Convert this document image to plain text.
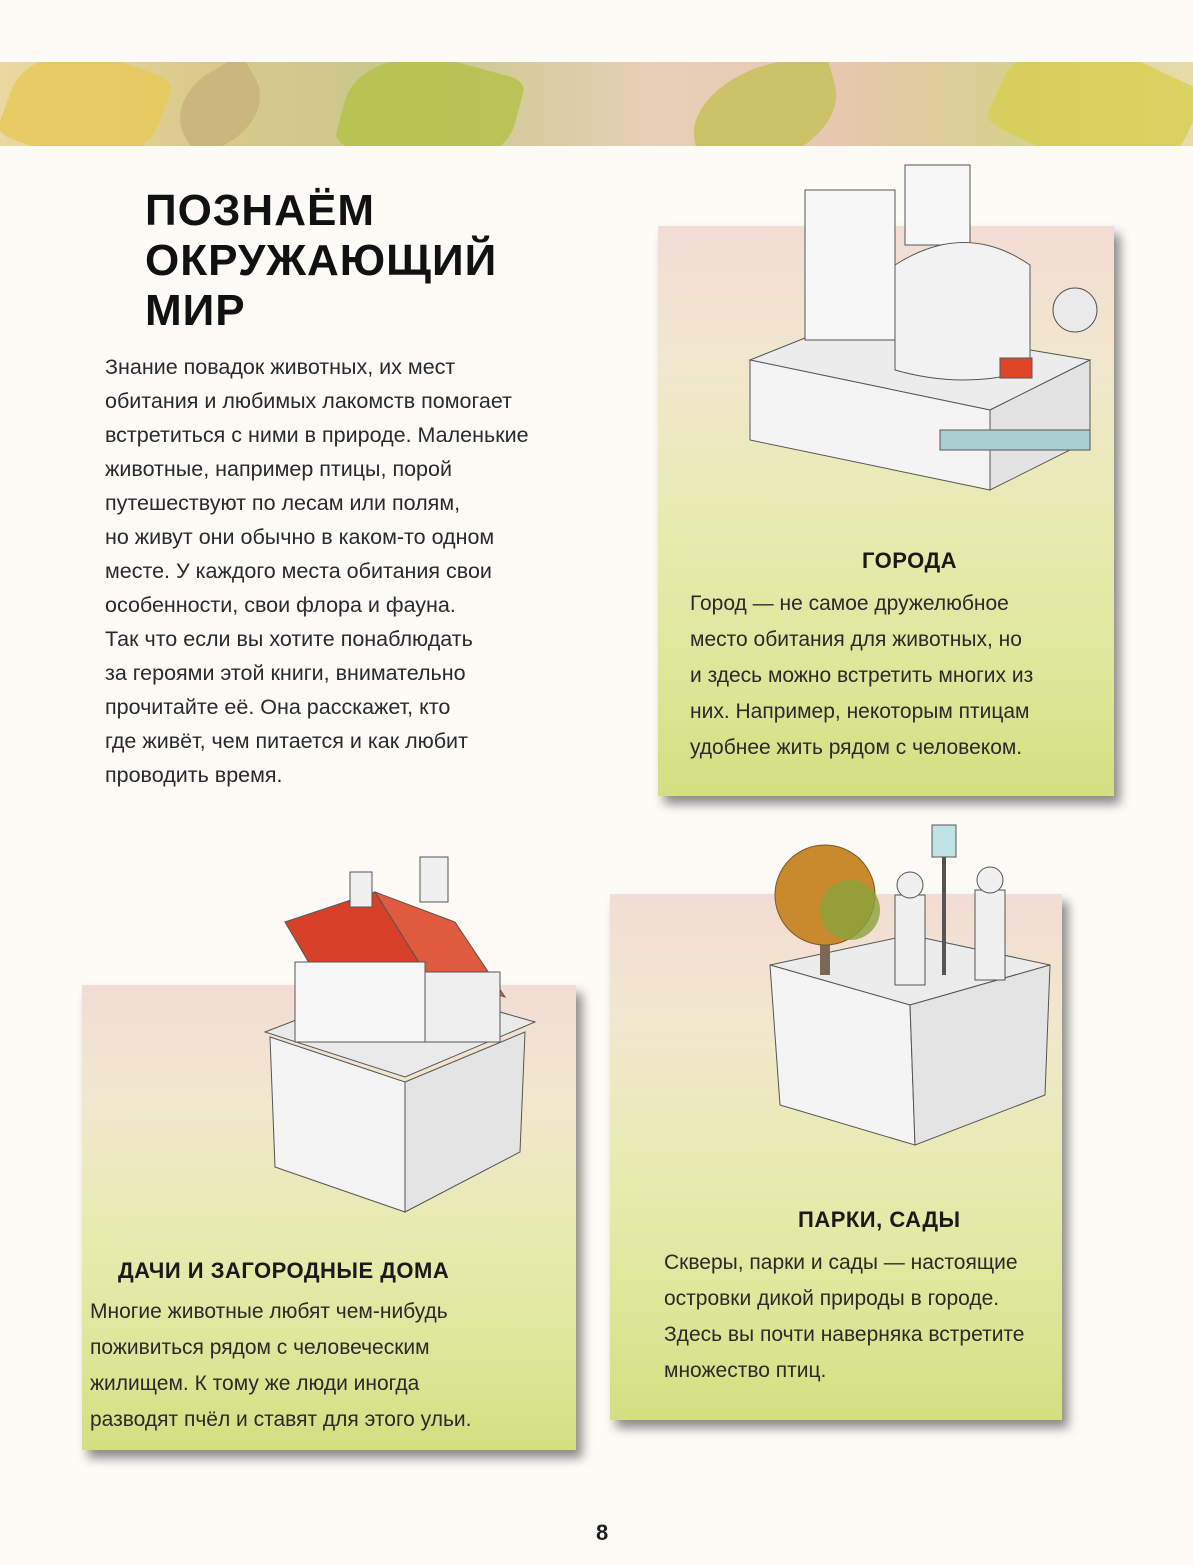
ПОЗНАЁМ
ОКРУЖАЮЩИЙ
МИР

Знание повадок животных, их мест
обитания и любимых лакомств помогает
встретиться с ними в природе. Маленькие
животные, например птицы, порой
путешествуют по лесам или полям,
но живут они обычно в каком-то одном
месте. У каждого места обитания свои
особенности, свои флора и фауна.
Так что если вы хотите понаблюдать
за героями этой книги, внимательно
прочитайте её. Она расскажет, кто
где живёт, чем питается и как любит
проводить время.

ГОРОДА

Город — не самое дружелюбное
место обитания для животных, но
и здесь можно встретить многих из
них. Например, некоторым птицам
удобнее жить рядом с человеком.

ДАЧИ И ЗАГОРОДНЫЕ ДОМА

Многие животные любят чем-нибудь
поживиться рядом с человеческим
жилищем. К тому же люди иногда
разводят пчёл и ставят для этого ульи.

ПАРКИ, САДЫ

Скверы, парки и сады — настоящие
островки дикой природы в городе.
Здесь вы почти наверняка встретите
множество птиц.

8
